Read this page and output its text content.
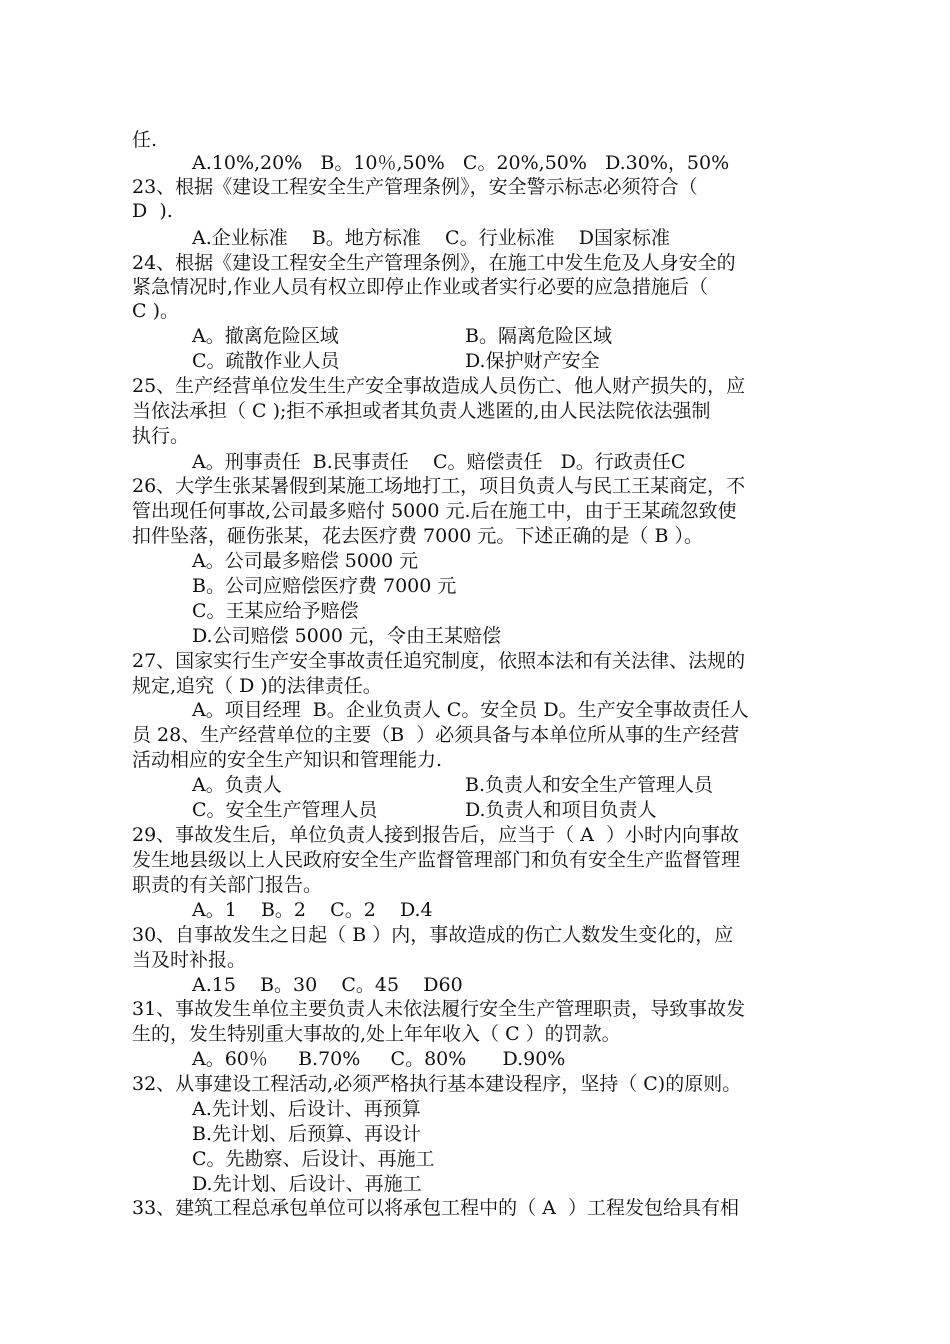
任.
A.10%,20%   B。10％,50%   C。20%,50%   D.30%，50%
23、根据《建设工程安全生产管理条例》，安全警示标志必须符合（
D  ).
A.企业标准    B。地方标准    C。行业标准    D国家标准
24、根据《建设工程安全生产管理条例》，在施工中发生危及人身安全的
紧急情况时,作业人员有权立即停止作业或者实行必要的应急措施后（
C )。
A。撤离危险区域	B。隔离危险区域
C。疏散作业人员	D.保护财产安全
25、生产经营单位发生生产安全事故造成人员伤亡、他人财产损失的，应
当依法承担（ C );拒不承担或者其负责人逃匿的,由人民法院依法强制
执行。
A。刑事责任  B.民事责任    C。赔偿责任   D。行政责任C
26、大学生张某暑假到某施工场地打工，项目负责人与民工王某商定，不
管出现任何事故,公司最多赔付 5000 元.后在施工中，由于王某疏忽致使
扣件坠落，砸伤张某，花去医疗费 7000 元。下述正确的是（ B ）。
A。公司最多赔偿 5000 元
B。公司应赔偿医疗费 7000 元
C。王某应给予赔偿
D.公司赔偿 5000 元，令由王某赔偿
27、国家实行生产安全事故责任追究制度，依照本法和有关法律、法规的
规定,追究（ D )的法律责任。
A。项目经理  B。企业负责人 C。安全员 D。生产安全事故责任人
员 28、生产经营单位的主要（B  ）必须具备与本单位所从事的生产经营
活动相应的安全生产知识和管理能力.
A。负责人	B.负责人和安全生产管理人员
C。安全生产管理人员	D.负责人和项目负责人
29、事故发生后，单位负责人接到报告后，应当于（ A  ）小时内向事故
发生地县级以上人民政府安全生产监督管理部门和负有安全生产监督管理
职责的有关部门报告。
A。1    B。2    C。2    D.4
30、自事故发生之日起（ B ）内，事故造成的伤亡人数发生变化的，应
当及时补报。
A.15    B。30    C。45    D60
31、事故发生单位主要负责人未依法履行安全生产管理职责，导致事故发
生的，发生特别重大事故的,处上年年收入（ C ）的罚款。
A。60％     B.70%     C。80%      D.90%
32、从事建设工程活动,必须严格执行基本建设程序，坚持（ C)的原则。
A.先计划、后设计、再预算
B.先计划、后预算、再设计
C。先勘察、后设计、再施工
D.先计划、后设计、再施工
33、建筑工程总承包单位可以将承包工程中的（ A  ）工程发包给具有相
